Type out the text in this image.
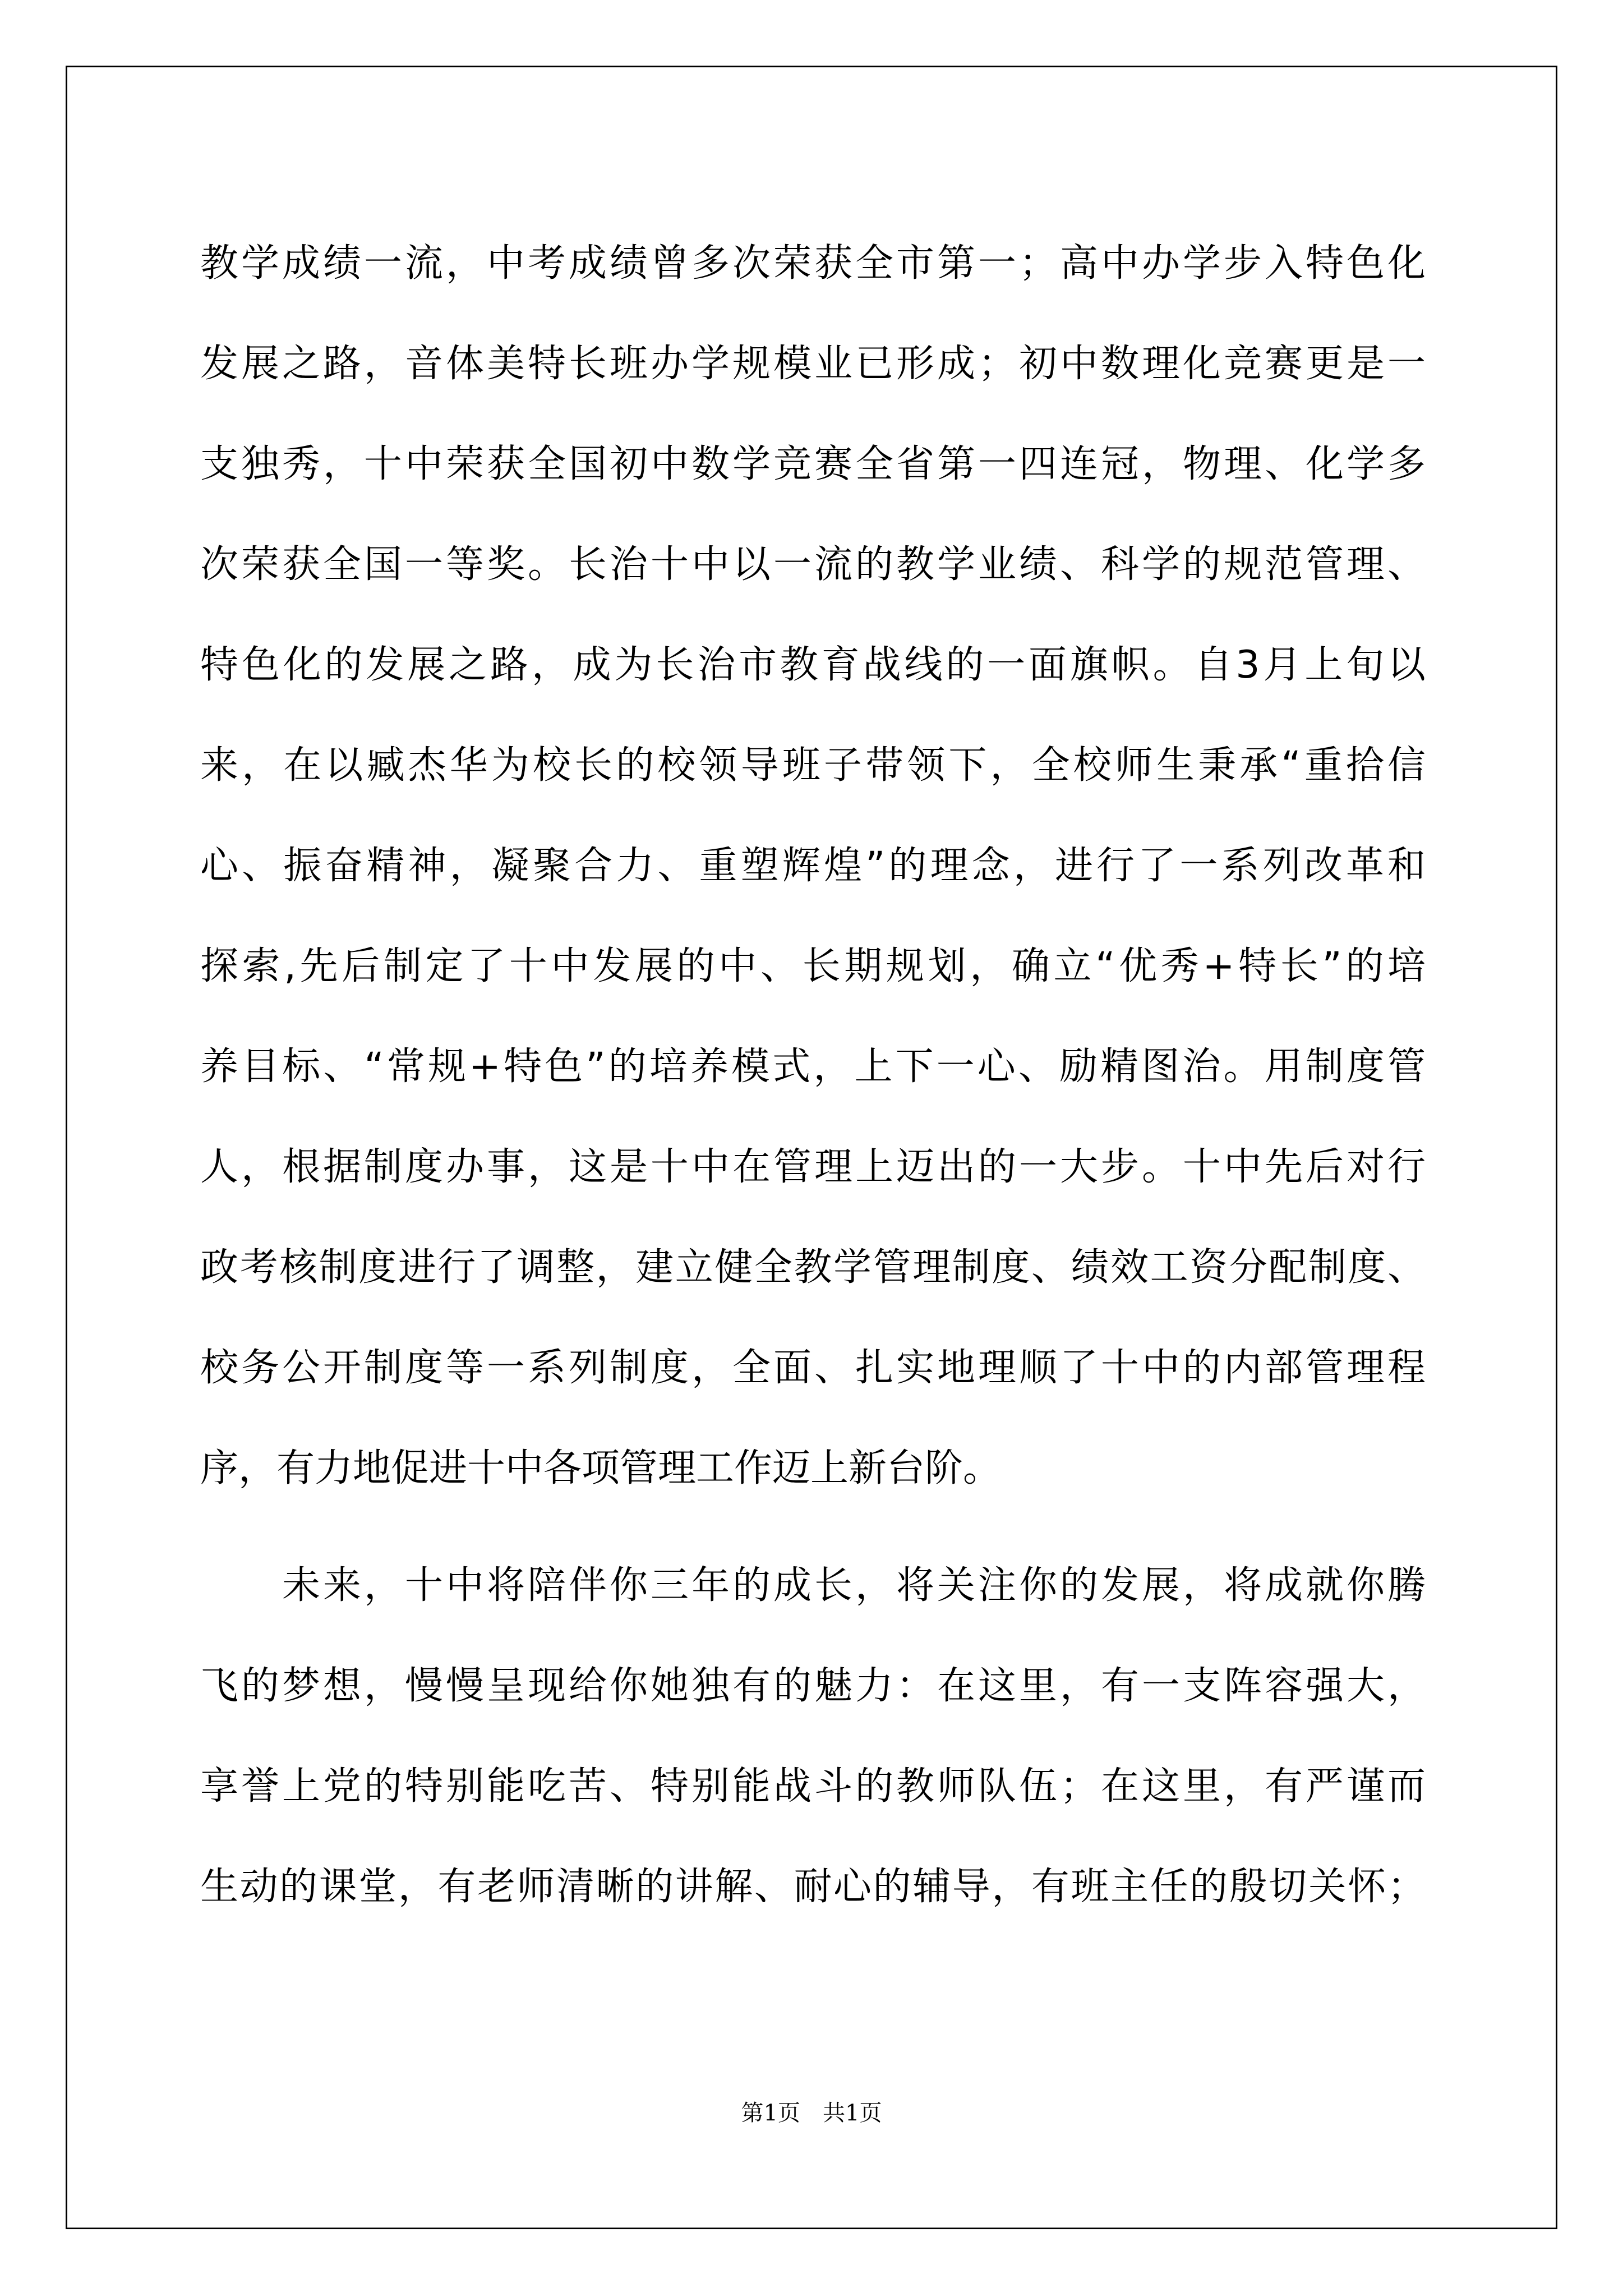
教学成绩一流，中考成绩曾多次荣获全市第一；高中办学步入特色化
发展之路，音体美特长班办学规模业已形成；初中数理化竞赛更是一
支独秀，十中荣获全国初中数学竞赛全省第一四连冠，物理、化学多
次荣获全国一等奖。长治十中以一流的教学业绩、科学的规范管理、
特色化的发展之路，成为长治市教育战线的一面旗帜。自3月上旬以
来，在以臧杰华为校长的校领导班子带领下，全校师生秉承“重拾信
心、振奋精神，凝聚合力、重塑辉煌”的理念，进行了一系列改革和
探索,先后制定了十中发展的中、长期规划，确立“优秀+特长”的培
养目标、“常规+特色”的培养模式，上下一心、励精图治。用制度管
人，根据制度办事，这是十中在管理上迈出的一大步。十中先后对行
政考核制度进行了调整，建立健全教学管理制度、绩效工资分配制度、
校务公开制度等一系列制度，全面、扎实地理顺了十中的内部管理程
序，有力地促进十中各项管理工作迈上新台阶。
　　未来，十中将陪伴你三年的成长，将关注你的发展，将成就你腾
飞的梦想，慢慢呈现给你她独有的魅力：在这里，有一支阵容强大，
享誉上党的特别能吃苦、特别能战斗的教师队伍；在这里，有严谨而
生动的课堂，有老师清晰的讲解、耐心的辅导，有班主任的殷切关怀；
第1页　共1页
